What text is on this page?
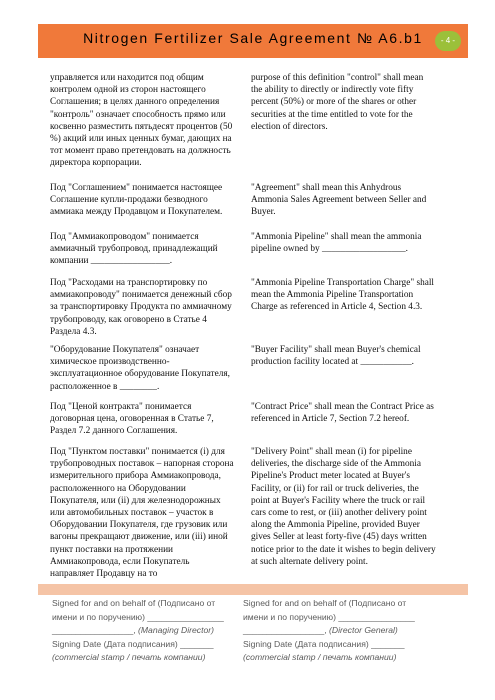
Nitrogen Fertilizer Sale Agreement № A6.b1	- 4 -
управляется или находится под общим контролем одной из сторон настоящего Соглашения; в целях данного определения "контроль" означает способность прямо или косвенно разместить пятьдесят процентов (50 %) акций или иных ценных бумаг, дающих на тот момент право претендовать на должность директора корпорации.
purpose of this definition "control" shall mean the ability to directly or indirectly vote fifty percent (50%) or more of the shares or other securities at the time entitled to vote for the election of directors.
Под "Соглашением" понимается настоящее Соглашение купли-продажи безводного аммиака между Продавцом и Покупателем.
"Agreement" shall mean this Anhydrous Ammonia Sales Agreement between Seller and Buyer.
Под "Аммиакопроводом" понимается аммиачный трубопровод, принадлежащий компании _________________.
"Ammonia Pipeline" shall mean the ammonia pipeline owned by __________________.
Под "Расходами на транспортировку по аммиакопроводу" понимается денежный сбор за транспортировку Продукта по аммиачному трубопроводу, как оговорено в Статье 4 Раздела 4.3.
"Ammonia Pipeline Transportation Charge" shall mean the Ammonia Pipeline Transportation Charge as referenced in Article 4, Section 4.3.
"Оборудование Покупателя" означает химическое производственно-эксплуатационное оборудование Покупателя, расположенное в ________.
"Buyer Facility" shall mean Buyer's chemical production facility located at ___________.
Под "Ценой контракта" понимается договорная цена, оговоренная в Статье 7, Раздел 7.2 данного Соглашения.
"Contract Price" shall mean the Contract Price as referenced in Article 7, Section 7.2 hereof.
Под "Пунктом поставки" понимается (i) для трубопроводных поставок – напорная сторона измерительного прибора Аммиакопровода, расположенного на Оборудовании Покупателя, или (ii) для железнодорожных или автомобильных поставок – участок в Оборудовании Покупателя, где грузовик или вагоны прекращают движение, или (iii) иной пункт поставки на протяжении Аммиакопровода, если Покупатель направляет Продавцу на то
"Delivery Point" shall mean (i) for pipeline deliveries, the discharge side of the Ammonia Pipeline's Product meter located at Buyer's Facility, or (ii) for rail or truck deliveries, the point at Buyer's Facility where the truck or rail cars come to rest, or (iii) another delivery point along the Ammonia Pipeline, provided Buyer gives Seller at least forty-five (45) days written notice prior to the date it wishes to begin delivery at such alternate delivery point.
Signed for and on behalf of (Подписано от
имени и по поручению) ________________
_________________, (Managing Director)
Signing Date (Дата подписания) _______
(commercial stamp / печать компании)
Signed for and on behalf of (Подписано от
имени и по поручению) ________________
_________________, (Director General)
Signing Date (Дата подписания) _______
(commercial stamp / печать компании)
